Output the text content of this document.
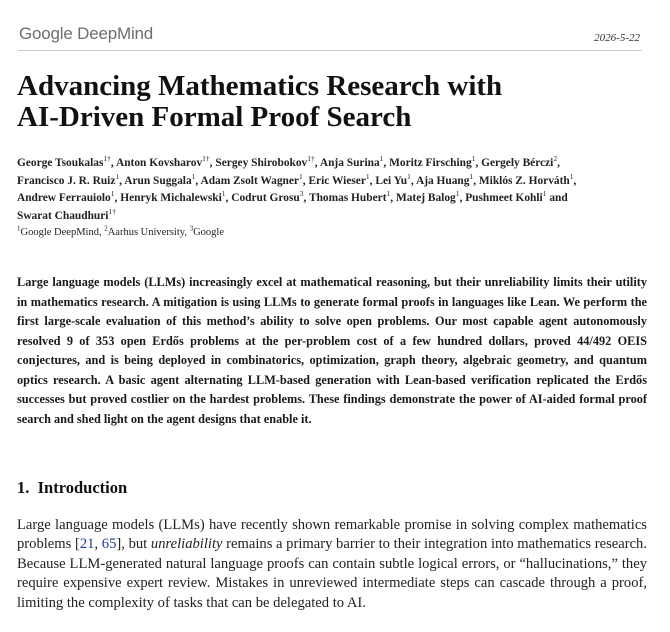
Google DeepMind	2026-5-22
Advancing Mathematics Research with
AI-Driven Formal Proof Search
George Tsoukalas$^{1\dagger}$, Anton Kovsharov$^{1\dagger}$, Sergey Shirobokov$^{1\dagger}$, Anja Surina$^1$, Moritz Firsching$^1$, Gergely Bérczi$^2$, Francisco J. R. Ruiz$^1$, Arun Suggala$^1$, Adam Zsolt Wagner$^1$, Eric Wieser$^1$, Lei Yu$^1$, Aja Huang$^1$, Miklós Z. Horváth$^1$, Andrew Ferrauiolo$^1$, Henryk Michalewski$^1$, Codrut Grosu$^3$, Thomas Hubert$^1$, Matej Balog$^1$, Pushmeet Kohli$^1$ and Swarat Chaudhuri$^{1\dagger}$
$^1$Google DeepMind, $^2$Aarhus University, $^3$Google

Large language models (LLMs) increasingly excel at mathematical reasoning, but their unreliability limits their utility in mathematics research. A mitigation is using LLMs to generate formal proofs in languages like Lean. We perform the first large-scale evaluation of this method’s ability to solve open problems. Our most capable agent autonomously resolved 9 of 353 open Erdős problems at the per-problem cost of a few hundred dollars, proved 44/492 OEIS conjectures, and is being deployed in combinatorics, optimization, graph theory, algebraic geometry, and quantum optics research. A basic agent alternating LLM-based generation with Lean-based verification replicated the Erdős successes but proved costlier on the hardest problems. These findings demonstrate the power of AI-aided formal proof search and shed light on the agent designs that enable it.

1. Introduction

Large language models (LLMs) have recently shown remarkable promise in solving complex mathematics problems [21, 65], but unreliability remains a primary barrier to their integration into mathematics research. Because LLM-generated natural language proofs can contain subtle logical errors, or “hallucinations,” they require expensive expert review. Mistakes in unreviewed intermediate steps can cascade through a proof, limiting the complexity of tasks that can be delegated to AI.
